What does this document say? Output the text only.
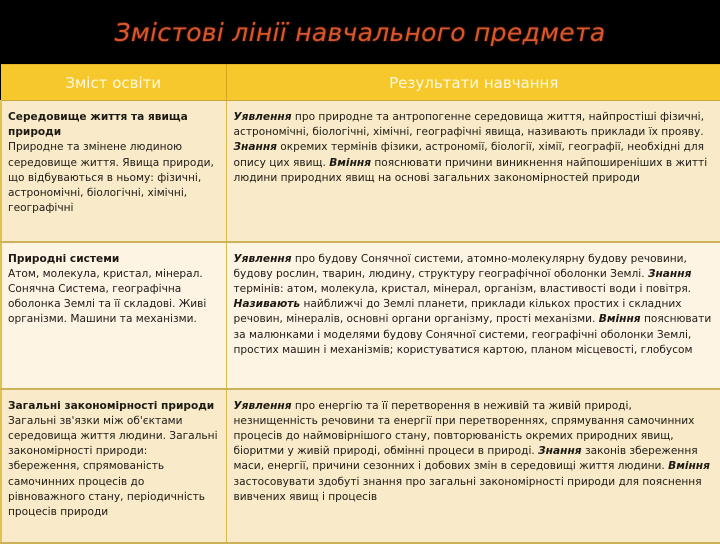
Змістові лінії навчального предмета
Зміст освіти	Результати навчання

Середовище життя та явища природи
Природне та змінене людиною середовище життя. Явища природи, що відбуваються в ньому: фізичні, астрономічні, біологічні, хімічні, географічні	Уявлення про природне та антропогенне середовища життя, найпростіші фізичні, астрономічні, біологічні, хімічні, географічні явища, називають приклади їх прояву. Знання окремих термінів фізики, астрономії, біології, хімії, географії, необхідні для опису цих явищ. Вміння пояснювати причини виникнення найпоширеніших в житті людини природних явищ на основі загальних закономірностей природи

Природні системи
Атом, молекула, кристал, мінерал. Сонячна Система, географічна оболонка Землі та її складові. Живі організми. Машини та механізми.	Уявлення про будову Сонячної системи, атомно-молекулярну будову речовини, будову рослин, тварин, людину, структуру географічної оболонки Землі. Знання термінів: атом, молекула, кристал, мінерал, організм, властивості води і повітря. Називають найближчі до Землі планети, приклади кількох простих і складних речовин, мінералів, основні органи організму, прості механізми. Вміння пояснювати за малюнками і моделями будову Сонячної системи, географічні оболонки Землі, простих машин і механізмів; користуватися картою, планом місцевості, глобусом

Загальні закономірності природи
Загальні зв'язки між об'єктами середовища життя людини. Загальні закономірності природи: збереження, спрямованість самочинних процесів до рівноважного стану, періодичність процесів природи	Уявлення про енергію та її перетворення в неживій та живій природі, незнищенність речовини та енергії при перетвореннях, спрямування самочинних процесів до наймовірнішого стану, повторюваність окремих природних явищ, біоритми у живій природі, обмінні процеси в природі. Знання законів збереження маси, енергії, причини сезонних і добових змін в середовищі життя людини. Вміння застосовувати здобуті знання про загальні закономірності природи для пояснення вивчених явищ і процесів
